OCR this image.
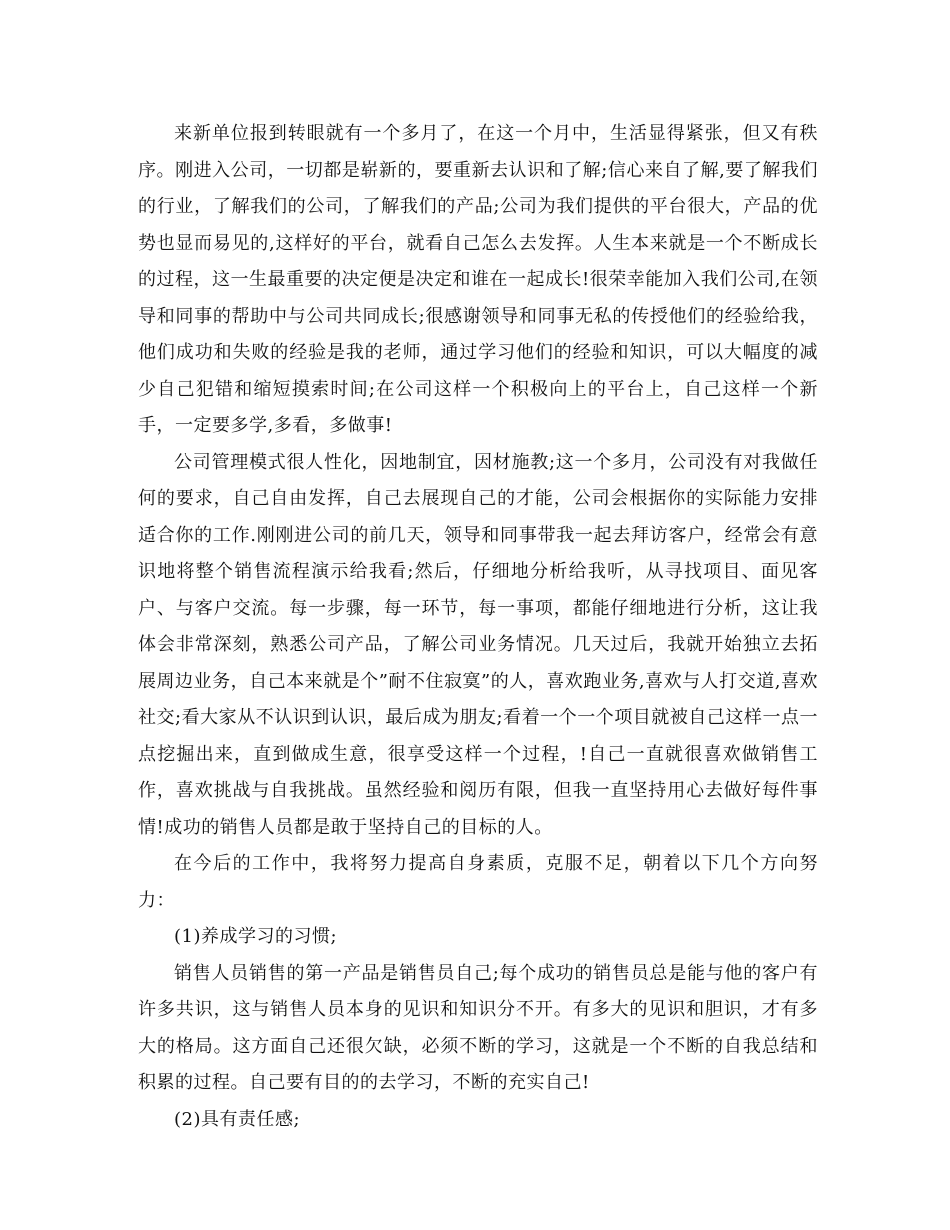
来新单位报到转眼就有一个多月了，在这一个月中，生活显得紧张，但又有秩序。刚进入公司，一切都是崭新的，要重新去认识和了解;信心来自了解,要了解我们的行业，了解我们的公司，了解我们的产品;公司为我们提供的平台很大，产品的优势也显而易见的,这样好的平台，就看自己怎么去发挥。人生本来就是一个不断成长的过程，这一生最重要的决定便是决定和谁在一起成长!很荣幸能加入我们公司,在领导和同事的帮助中与公司共同成长;很感谢领导和同事无私的传授他们的经验给我，他们成功和失败的经验是我的老师，通过学习他们的经验和知识，可以大幅度的减少自己犯错和缩短摸索时间;在公司这样一个积极向上的平台上，自己这样一个新手，一定要多学,多看，多做事!

公司管理模式很人性化，因地制宜，因材施教;这一个多月，公司没有对我做任何的要求，自己自由发挥，自己去展现自己的才能，公司会根据你的实际能力安排适合你的工作.刚刚进公司的前几天，领导和同事带我一起去拜访客户，经常会有意识地将整个销售流程演示给我看;然后，仔细地分析给我听，从寻找项目、面见客户、与客户交流。每一步骤，每一环节，每一事项，都能仔细地进行分析，这让我体会非常深刻，熟悉公司产品，了解公司业务情况。几天过后，我就开始独立去拓展周边业务，自己本来就是个”耐不住寂寞”的人，喜欢跑业务,喜欢与人打交道,喜欢社交;看大家从不认识到认识，最后成为朋友;看着一个一个项目就被自己这样一点一点挖掘出来，直到做成生意，很享受这样一个过程，!自己一直就很喜欢做销售工作，喜欢挑战与自我挑战。虽然经验和阅历有限，但我一直坚持用心去做好每件事情!成功的销售人员都是敢于坚持自己的目标的人。

在今后的工作中，我将努力提高自身素质，克服不足，朝着以下几个方向努力：

(1)养成学习的习惯;

销售人员销售的第一产品是销售员自己;每个成功的销售员总是能与他的客户有许多共识，这与销售人员本身的见识和知识分不开。有多大的见识和胆识，才有多大的格局。这方面自己还很欠缺，必须不断的学习，这就是一个不断的自我总结和积累的过程。自己要有目的的去学习，不断的充实自己!

(2)具有责任感;
